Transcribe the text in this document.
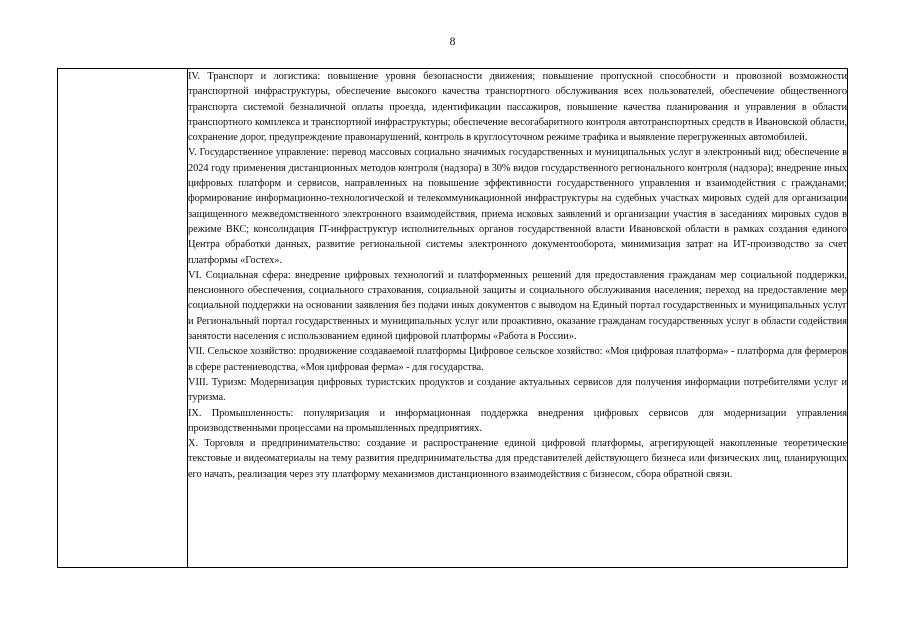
8

IV. Транспорт и логистика: повышение уровня безопасности движения; повышение пропускной способности и провозной возможности транспортной инфраструктуры, обеспечение высокого качества транспортного обслуживания всех пользователей, обеспечение общественного транспорта системой безналичной оплаты проезда, идентификации пассажиров, повышение качества планирования и управления в области транспортного комплекса и транспортной инфраструктуры; обеспечение весогабаритного контроля автотранспортных средств в Ивановской области, сохранение дорог, предупреждение правонарушений, контроль в круглосуточном режиме трафика и выявление перегруженных автомобилей.

V. Государственное управление: перевод массовых социально значимых государственных и муниципальных услуг в электронный вид; обеспечение в 2024 году применения дистанционных методов контроля (надзора) в 30% видов государственного регионального контроля (надзора); внедрение иных цифровых платформ и сервисов, направленных на повышение эффективности государственного управления и взаимодействия с гражданами; формирование информационно-технологической и телекоммуникационной инфраструктуры на судебных участках мировых судей для организации защищенного межведомственного электронного взаимодействия, приема исковых заявлений и организации участия в заседаниях мировых судов в режиме ВКС; консолидация IT-инфраструктур исполнительных органов государственной власти Ивановской области в рамках создания единого Центра обработки данных, развитие региональной системы электронного документооборота, минимизация затрат на ИТ-производство за счет платформы «Гостех».

VI. Социальная сфера: внедрение цифровых технологий и платформенных решений для предоставления гражданам мер социальной поддержки, пенсионного обеспечения, социального страхования, социальной защиты и социального обслуживания населения; переход на предоставление мер социальной поддержки на основании заявления без подачи иных документов с выводом на Единый портал государственных и муниципальных услуг и Региональный портал государственных и муниципальных услуг или проактивно, оказание гражданам государственных услуг в области содействия занятости населения с использованием единой цифровой платформы «Работа в России».

VII. Сельское хозяйство: продвижение создаваемой платформы Цифровое сельское хозяйство: «Моя цифровая платформа» - платформа для фермеров в сфере растениеводства, «Моя цифровая ферма» - для государства.

VIII. Туризм: Модернизация цифровых туристских продуктов и создание актуальных сервисов для получения информации потребителями услуг и туризма.

IX. Промышленность: популяризация и информационная поддержка внедрения цифровых сервисов для модернизации управления производственными процессами на промышленных предприятиях.

X. Торговля и предпринимательство: создание и распространение единой цифровой платформы, агрегирующей накопленные теоретические текстовые и видеоматериалы на тему развития предпринимательства для представителей действующего бизнеса или физических лиц, планирующих его начать, реализация через эту платформу механизмов дистанционного взаимодействия с бизнесом, сбора обратной связи.
